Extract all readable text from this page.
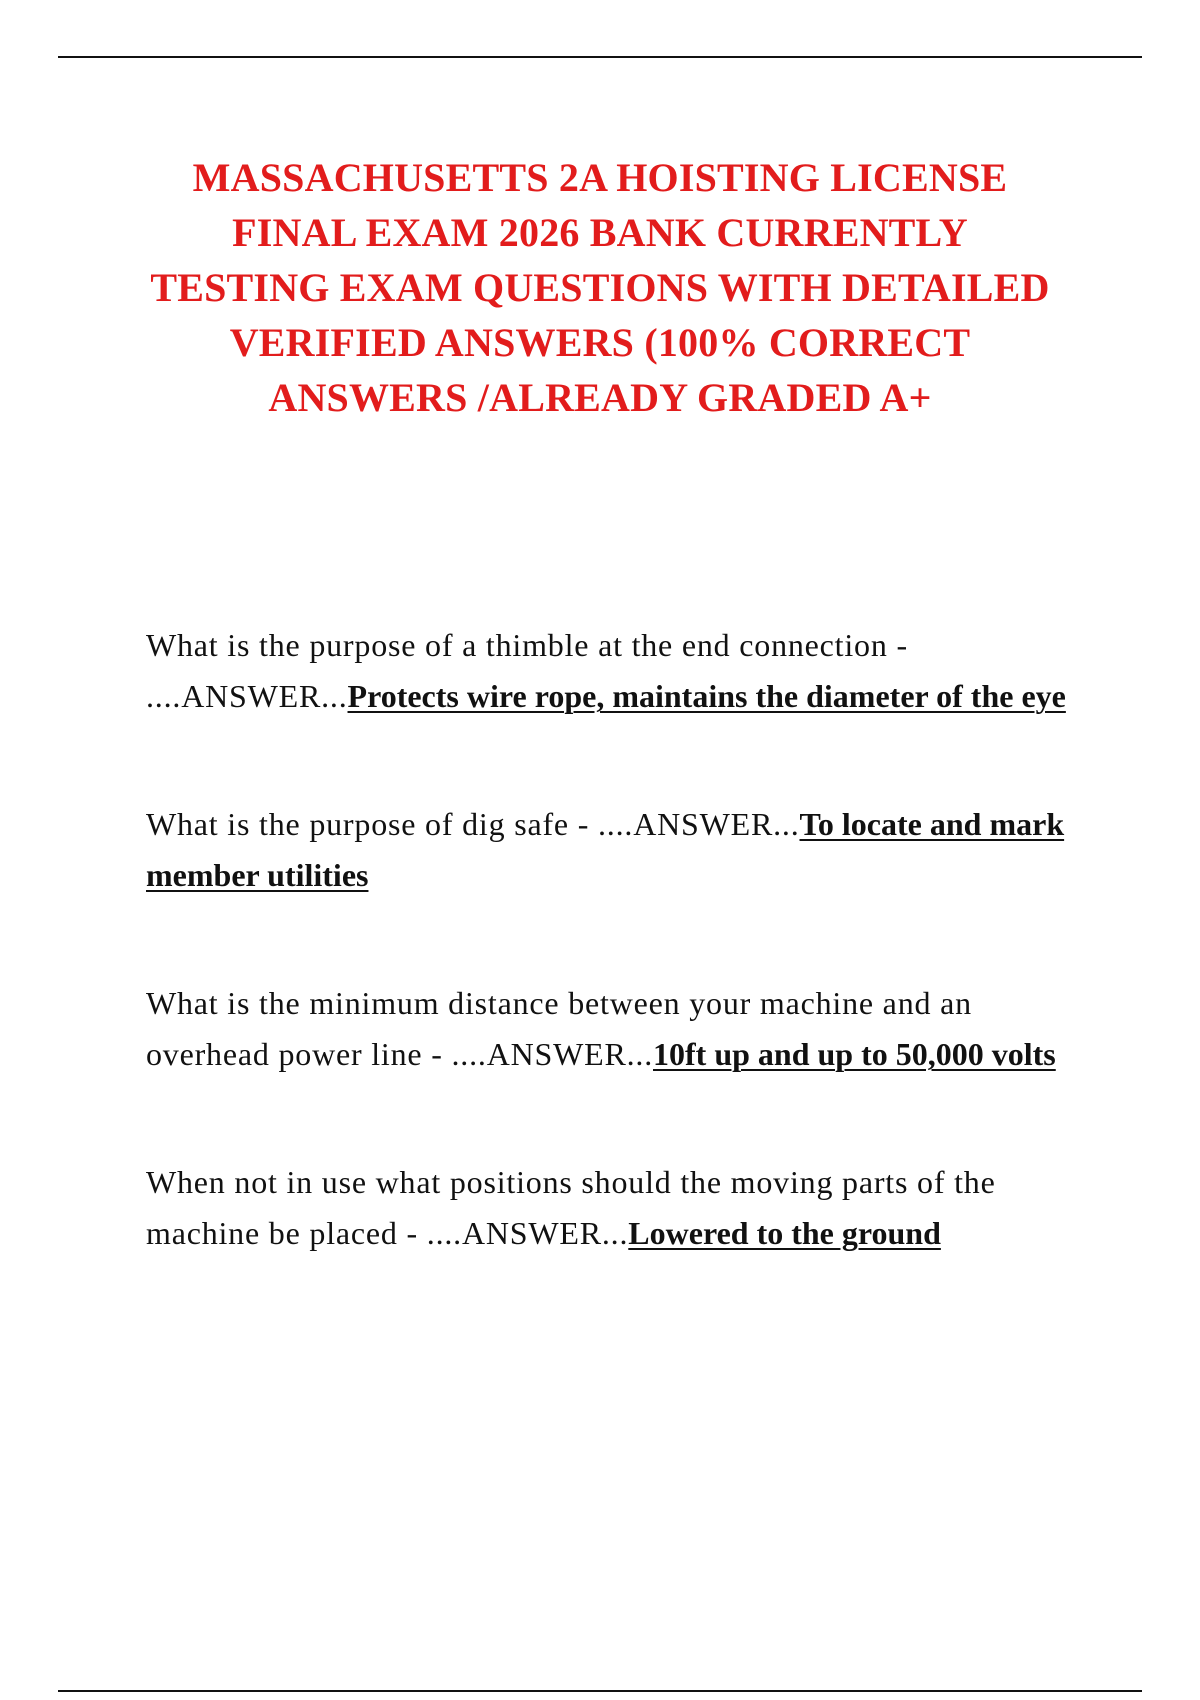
MASSACHUSETTS 2A HOISTING LICENSE FINAL EXAM 2026 BANK CURRENTLY TESTING EXAM QUESTIONS WITH DETAILED VERIFIED ANSWERS (100% CORRECT ANSWERS /ALREADY GRADED A+

What is the purpose of a thimble at the end connection - ....ANSWER...Protects wire rope, maintains the diameter of the eye

What is the purpose of dig safe - ....ANSWER...To locate and mark member utilities

What is the minimum distance between your machine and an overhead power line - ....ANSWER...10ft up and up to 50,000 volts

When not in use what positions should the moving parts of the machine be placed - ....ANSWER...Lowered to the ground
